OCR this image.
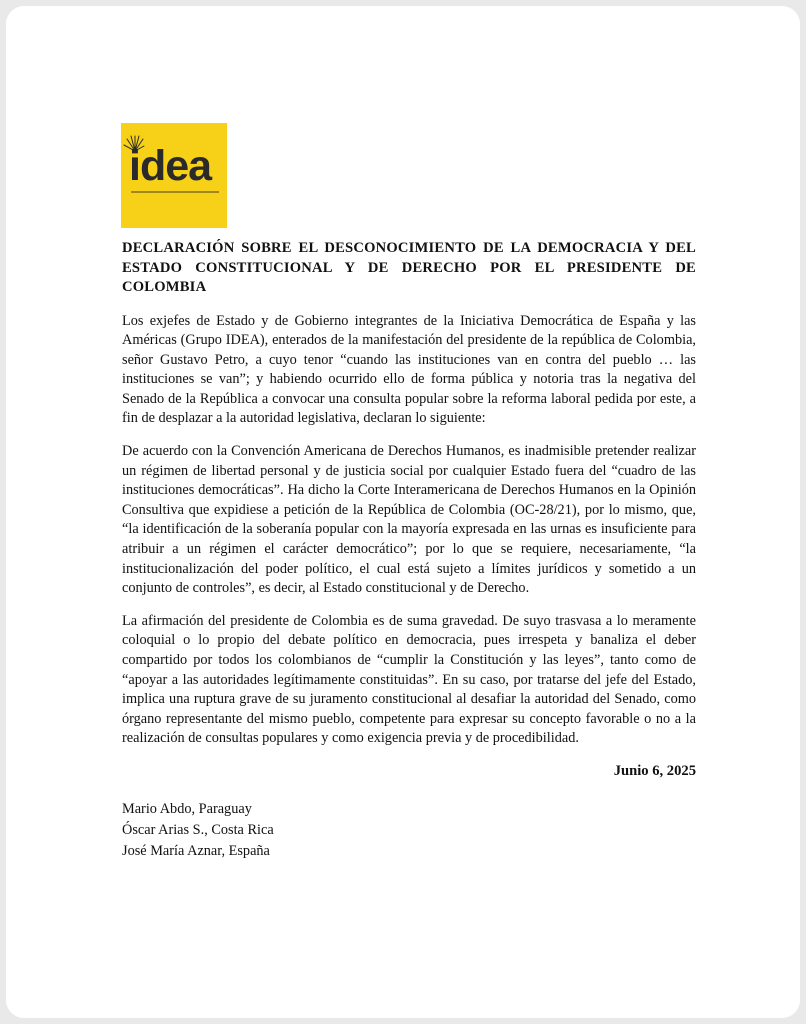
idea
DECLARACIÓN SOBRE EL DESCONOCIMIENTO DE LA DEMOCRACIA Y DEL ESTADO CONSTITUCIONAL Y DE DERECHO POR EL PRESIDENTE DE COLOMBIA

Los exjefes de Estado y de Gobierno integrantes de la Iniciativa Democrática de España y las Américas (Grupo IDEA), enterados de la manifestación del presidente de la república de Colombia, señor Gustavo Petro, a cuyo tenor “cuando las instituciones van en contra del pueblo … las instituciones se van”; y habiendo ocurrido ello de forma pública y notoria tras la negativa del Senado de la República a convocar una consulta popular sobre la reforma laboral pedida por este, a fin de desplazar a la autoridad legislativa, declaran lo siguiente:

De acuerdo con la Convención Americana de Derechos Humanos, es inadmisible pretender realizar un régimen de libertad personal y de justicia social por cualquier Estado fuera del “cuadro de las instituciones democráticas”. Ha dicho la Corte Interamericana de Derechos Humanos en la Opinión Consultiva que expidiese a petición de la República de Colombia (OC-28/21), por lo mismo, que, “la identificación de la soberanía popular con la mayoría expresada en las urnas es insuficiente para atribuir a un régimen el carácter democrático”; por lo que se requiere, necesariamente, “la institucionalización del poder político, el cual está sujeto a límites jurídicos y sometido a un conjunto de controles”, es decir, al Estado constitucional y de Derecho.

La afirmación del presidente de Colombia es de suma gravedad. De suyo trasvasa a lo meramente coloquial o lo propio del debate político en democracia, pues irrespeta y banaliza el deber compartido por todos los colombianos de “cumplir la Constitución y las leyes”, tanto como de “apoyar a las autoridades legítimamente constituidas”. En su caso, por tratarse del jefe del Estado, implica una ruptura grave de su juramento constitucional al desafiar la autoridad del Senado, como órgano representante del mismo pueblo, competente para expresar su concepto favorable o no a la realización de consultas populares y como exigencia previa y de procedibilidad.

Junio 6, 2025

Mario Abdo, Paraguay

Óscar Arias S., Costa Rica

José María Aznar, España
